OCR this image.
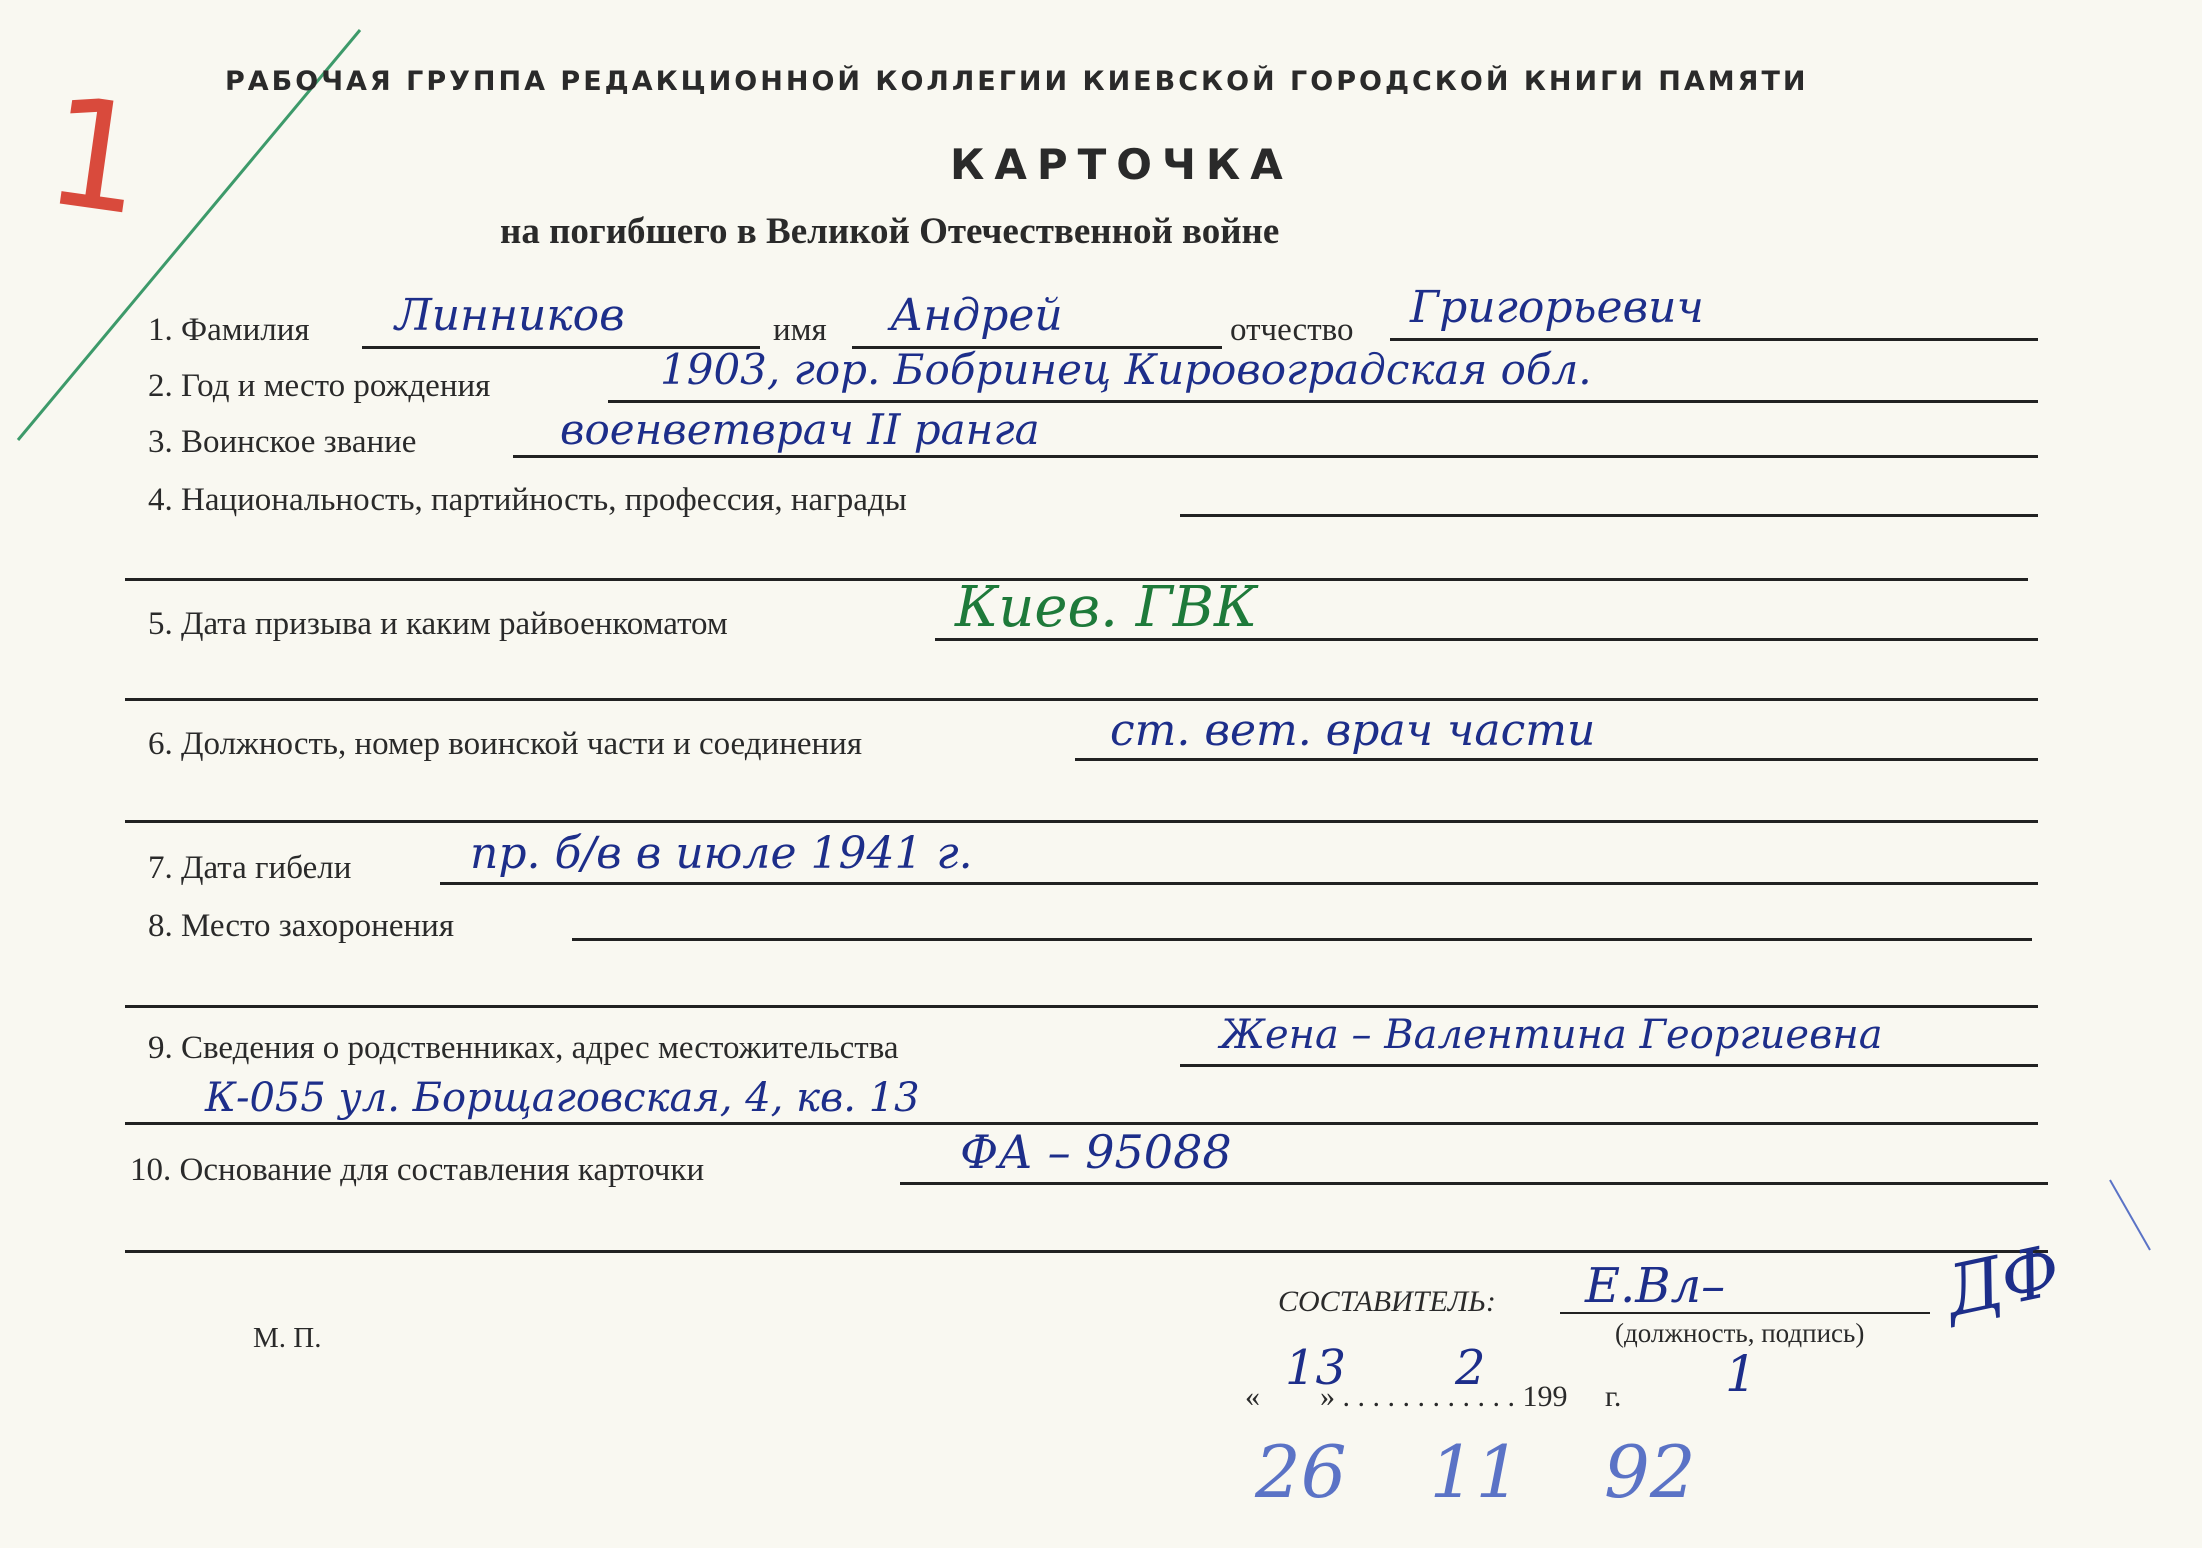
1	РАБОЧАЯ ГРУППА РЕДАКЦИОННОЙ КОЛЛЕГИИ КИЕВСКОЙ ГОРОДСКОЙ КНИГИ ПАМЯТИ
КАРТОЧКА
на погибшего в Великой Отечественной войне
1. Фамилия Линников	имя Андрей	отчество Григорьевич
2. Год и место рождения	1903, гор. Бобринец Кировоградская обл.
3. Воинское звание	военветврач II ранга
4. Национальность, партийность, профессия, награды
5. Дата призыва и каким райвоенкоматом	Киев. ГВК
6. Должность, номер воинской части и соединения	ст. вет. врач части
7. Дата гибели	пр. б/в в июле 1941 г.
8. Место захоронения
9. Сведения о родственниках, адрес местожительства	Жена – Валентина Георгиевна
К-055 ул. Борщаговская, 4, кв. 13
10. Основание для составления карточки	ФА – 95088
М. П.
СОСТАВИТЕЛЬ: Е.Вл–
(должность, подпись) ДФ
« » . . . . . . . . . . . . 199 г.
13 2	1
26 11 92
